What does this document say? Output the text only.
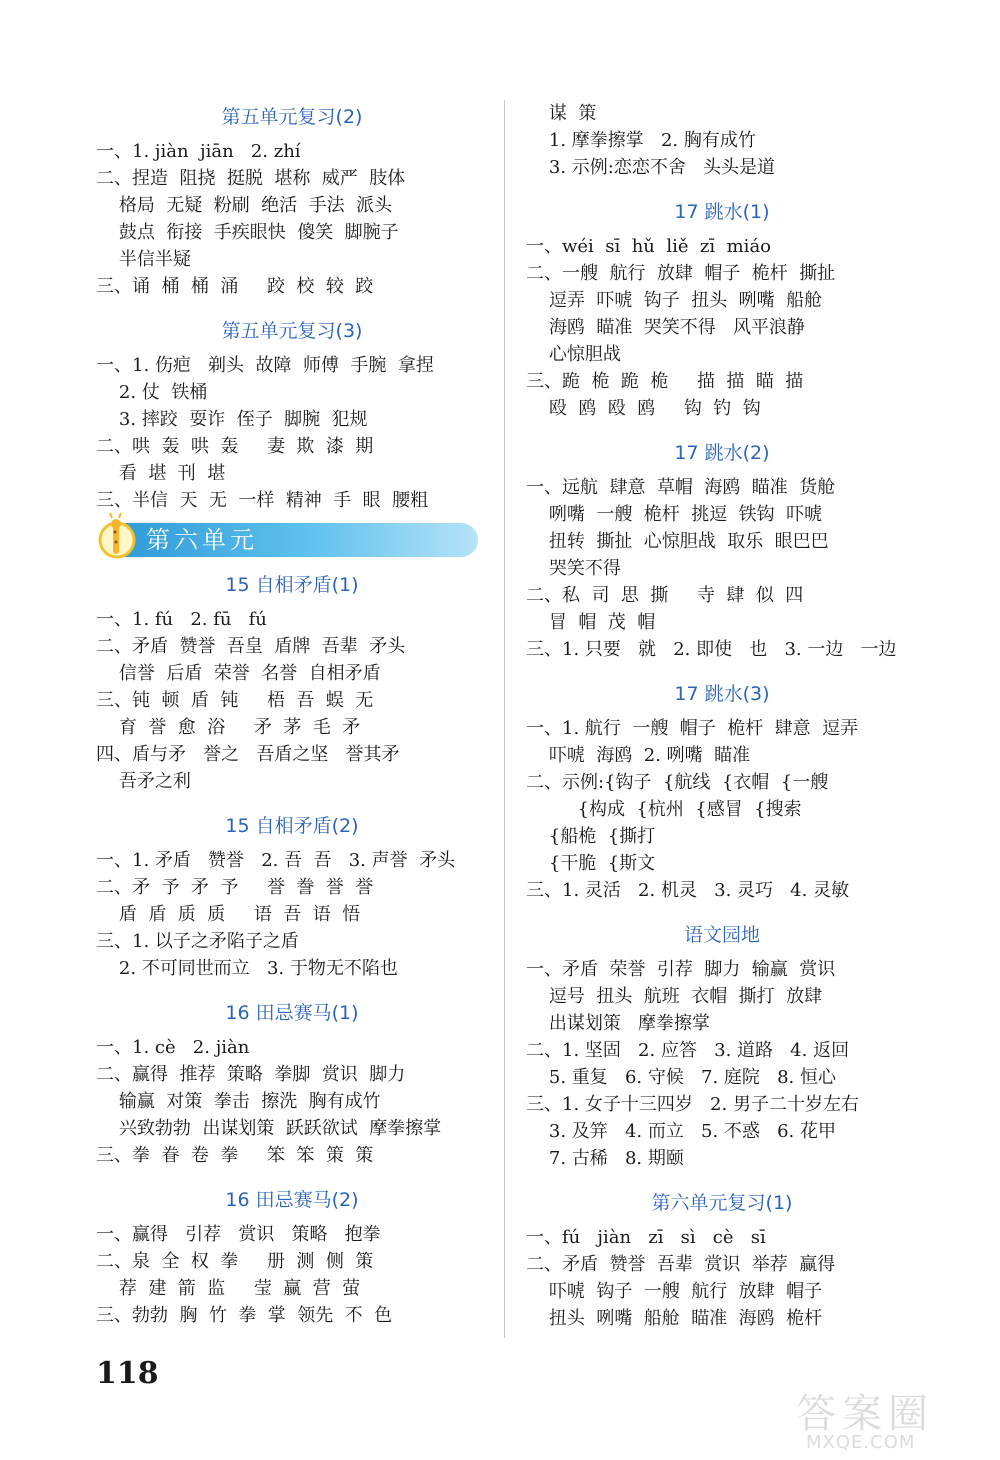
第五单元复习(2)
一、1. jiàn  jiān   2. zhí
二、捏造  阻挠  挺脱  堪称  威严  肢体
格局  无疑  粉刷  绝活  手法  派头
鼓点  衔接  手疾眼快  傻笑  脚腕子
半信半疑
三、诵  桶  桶  涌     跤  校  较  跤
第五单元复习(3)
一、1. 伤疤   剃头  故障  师傅  手腕  拿捏
2. 仗  铁桶
3. 摔跤  耍诈  侄子  脚腕  犯规
二、哄  轰  哄  轰     妻  欺  漆  期
看  堪  刊  堪
三、半信  天  无  一样  精神  手  眼  腰粗
第六单元
15 自相矛盾(1)
一、1. fú   2. fū   fú
二、矛盾  赞誉  吾皇  盾牌  吾辈  矛头
信誉  后盾  荣誉  名誉  自相矛盾
三、钝  顿  盾  钝     梧  吾  蜈  无
育  誉  愈  浴     矛  茅  毛  矛
四、盾与矛   誉之   吾盾之坚   誉其矛
吾矛之利
15 自相矛盾(2)
一、1. 矛盾   赞誉   2. 吾  吾   3. 声誉  矛头
二、矛  予  矛  予     誉  誊  誉  誉
盾  盾  质  质     语  吾  语  悟
三、1. 以子之矛陷子之盾
2. 不可同世而立   3. 于物无不陷也
16 田忌赛马(1)
一、1. cè   2. jiàn
二、赢得  推荐  策略  拳脚  赏识  脚力
输赢  对策  拳击  擦洗  胸有成竹
兴致勃勃  出谋划策  跃跃欲试  摩拳擦掌
三、拳  眷  卷  拳     笨  笨  策  策
16 田忌赛马(2)
一、赢得   引荐   赏识   策略   抱拳
二、泉  全  权  拳     册  测  侧  策
荐  建  箭  监     莹  赢  营  萤
三、勃勃  胸  竹  拳  掌  领先  不  色
谋  策
1. 摩拳擦掌   2. 胸有成竹
3. 示例:恋恋不舍   头头是道
17 跳水(1)
一、wéi  sī  hǔ  liě  zī  miáo
二、一艘  航行  放肆  帽子  桅杆  撕扯
逗弄  吓唬  钩子  扭头  咧嘴  船舱
海鸥  瞄准  哭笑不得   风平浪静
心惊胆战
三、跪  桅  跪  桅     描  描  瞄  描
殴  鸥  殴  鸥     钩  钓  钩
17 跳水(2)
一、远航  肆意  草帽  海鸥  瞄准  货舱
咧嘴  一艘  桅杆  挑逗  铁钩  吓唬
扭转  撕扯  心惊胆战  取乐  眼巴巴
哭笑不得
二、私  司  思  撕     寺  肆  似  四
冒  帽  茂  帽
三、1. 只要   就   2. 即使   也   3. 一边   一边
17 跳水(3)
一、1. 航行  一艘  帽子  桅杆  肆意  逗弄
吓唬  海鸥  2. 咧嘴  瞄准
二、示例:{钩子  {航线  {衣帽  {一艘
{构成  {杭州  {感冒  {搜索
{船桅  {撕打
{干脆  {斯文
三、1. 灵活   2. 机灵   3. 灵巧   4. 灵敏
语文园地
一、矛盾  荣誉  引荐  脚力  输赢  赏识
逗号  扭头  航班  衣帽  撕打  放肆
出谋划策   摩拳擦掌
二、1. 坚固   2. 应答   3. 道路   4. 返回
5. 重复   6. 守候   7. 庭院   8. 恒心
三、1. 女子十三四岁   2. 男子二十岁左右
3. 及笄   4. 而立   5. 不惑   6. 花甲
7. 古稀   8. 期颐
第六单元复习(1)
一、fú   jiàn   zī   sì   cè   sī
二、矛盾  赞誉  吾辈  赏识  举荐  赢得
吓唬  钩子  一艘  航行  放肆  帽子
扭头  咧嘴  船舱  瞄准  海鸥  桅杆
118
答案圈
MXQE.COM
